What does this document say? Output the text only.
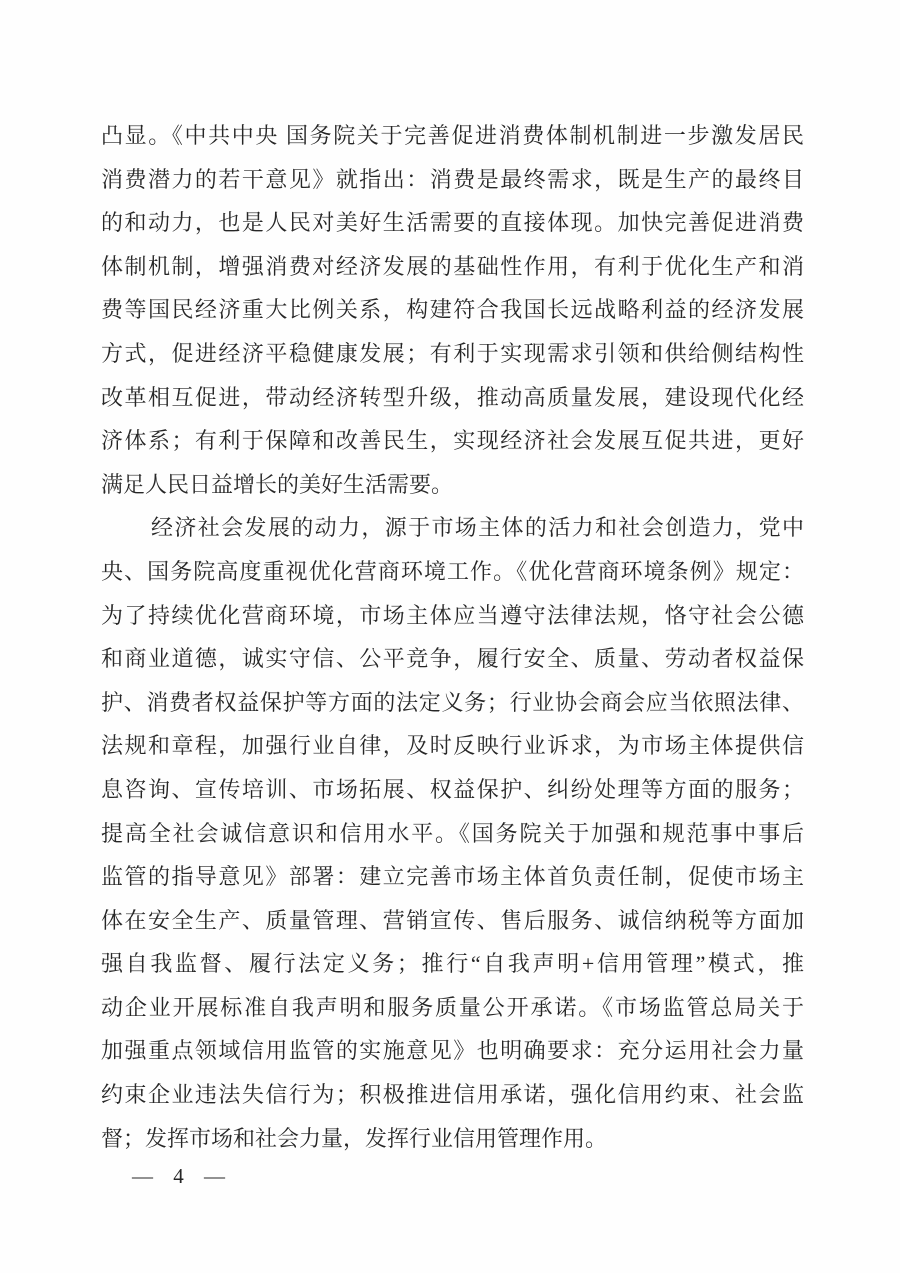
凸显。《中共中央 国务院关于完善促进消费体制机制进一步激发居民
消费潜力的若干意见》就指出：消费是最终需求，既是生产的最终目
的和动力，也是人民对美好生活需要的直接体现。加快完善促进消费
体制机制，增强消费对经济发展的基础性作用，有利于优化生产和消
费等国民经济重大比例关系，构建符合我国长远战略利益的经济发展
方式，促进经济平稳健康发展；有利于实现需求引领和供给侧结构性
改革相互促进，带动经济转型升级，推动高质量发展，建设现代化经
济体系；有利于保障和改善民生，实现经济社会发展互促共进，更好
满足人民日益增长的美好生活需要。
经济社会发展的动力，源于市场主体的活力和社会创造力，党中
央、国务院高度重视优化营商环境工作。《优化营商环境条例》规定：
为了持续优化营商环境，市场主体应当遵守法律法规，恪守社会公德
和商业道德，诚实守信、公平竞争，履行安全、质量、劳动者权益保
护、消费者权益保护等方面的法定义务；行业协会商会应当依照法律、
法规和章程，加强行业自律，及时反映行业诉求，为市场主体提供信
息咨询、宣传培训、市场拓展、权益保护、纠纷处理等方面的服务；
提高全社会诚信意识和信用水平。《国务院关于加强和规范事中事后
监管的指导意见》部署：建立完善市场主体首负责任制，促使市场主
体在安全生产、质量管理、营销宣传、售后服务、诚信纳税等方面加
强自我监督、履行法定义务；推行“自我声明+信用管理”模式，推
动企业开展标准自我声明和服务质量公开承诺。《市场监管总局关于
加强重点领域信用监管的实施意见》也明确要求：充分运用社会力量
约束企业违法失信行为；积极推进信用承诺，强化信用约束、社会监
督；发挥市场和社会力量，发挥行业信用管理作用。
— 4 —
